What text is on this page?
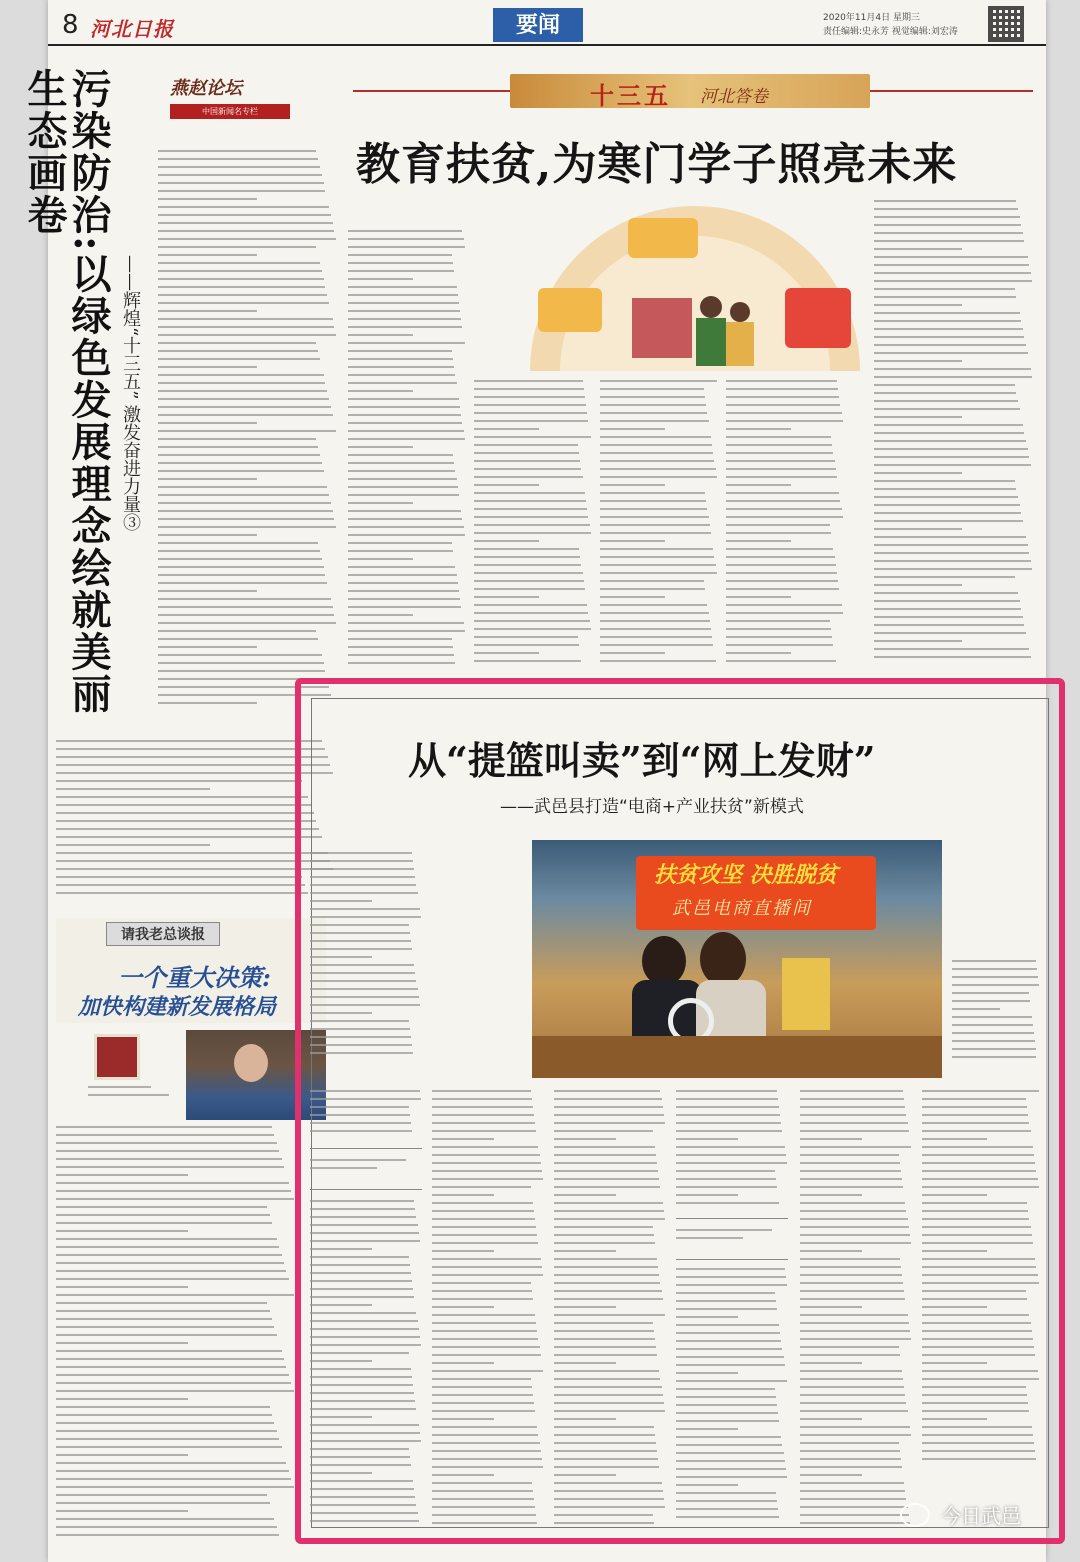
8 河北日报	要闻	2020年11月4日 星期三
责任编辑:史永芳 视觉编辑:刘宏涛
污染防治:以绿色发展理念绘就美丽生态画卷
——辉煌“十三五” 激发奋进力量③
燕赵论坛
中国新闻名专栏
请我老总谈报
一个重大决策:
加快构建新发展格局
十三五 河北答卷
教育扶贫,为寒门学子照亮未来
从“提篮叫卖”到“网上发财”
——武邑县打造“电商+产业扶贫”新模式
扶贫攻坚 决胜脱贫
武邑电商直播间
今日武邑
